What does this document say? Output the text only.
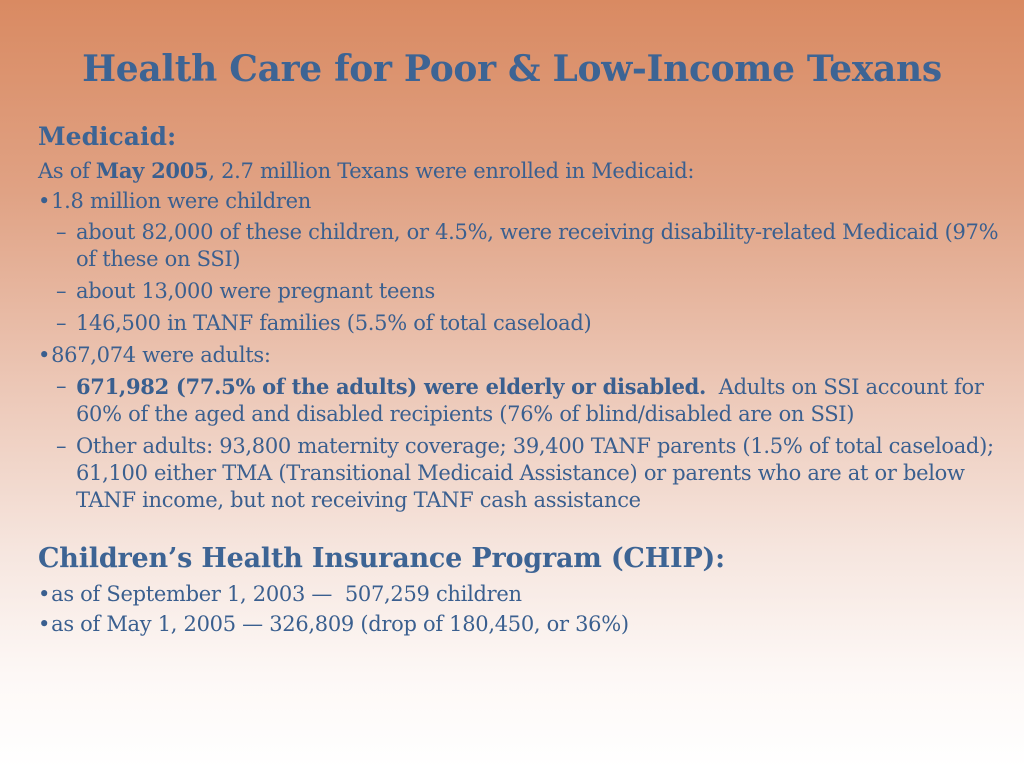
Health Care for Poor & Low-Income Texans
Medicaid:
As of May 2005, 2.7 million Texans were enrolled in Medicaid:
•1.8 million were children
– about 82,000 of these children, or 4.5%, were receiving disability-related Medicaid (97% of these on SSI)
– about 13,000 were pregnant teens
– 146,500 in TANF families (5.5% of total caseload)
•867,074 were adults:
– 671,982 (77.5% of the adults) were elderly or disabled.  Adults on SSI account for 60% of the aged and disabled recipients (76% of blind/disabled are on SSI)
– Other adults: 93,800 maternity coverage; 39,400 TANF parents (1.5% of total caseload);  61,100 either TMA (Transitional Medicaid Assistance) or parents who are at or below TANF income, but not receiving TANF cash assistance
Children’s Health Insurance Program (CHIP):
•as of September 1, 2003 —  507,259 children
•as of May 1, 2005 — 326,809 (drop of 180,450, or 36%)
